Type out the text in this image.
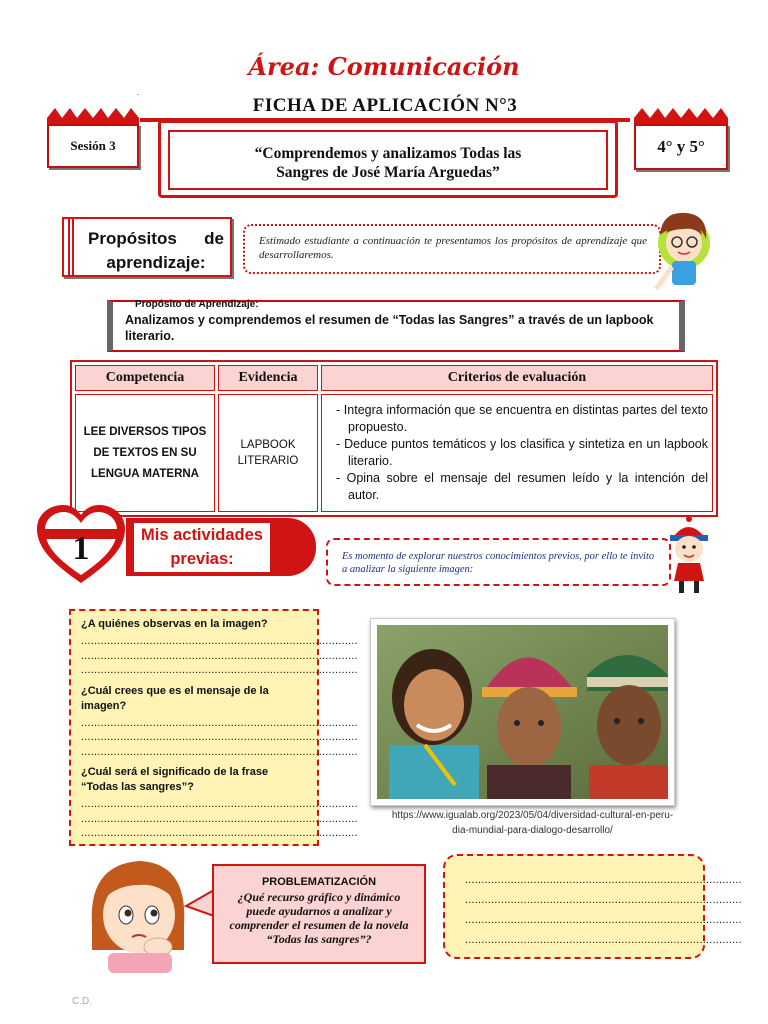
Área: Comunicación
.
FICHA DE APLICACIÓN N°3
Sesión 3	4° y 5°
“Comprendemos y analizamos Todas las
Sangres de José María Arguedas”
Propósitos de aprendizaje:
Estimado estudiante a continuación te presentamos los propósitos de aprendizaje que desarrollaremos.
Propósito de Aprendizaje:
Analizamos y comprendemos el resumen de “Todas las Sangres” a través de un lapbook literario.
Competencia	Evidencia	Criterios de evaluación
LEE DIVERSOS TIPOS DE TEXTOS EN SU LENGUA MATERNA	LAPBOOK LITERARIO	- Integra información que se encuentra en distintas partes del texto propuesto.
- Deduce puntos temáticos y los clasifica y sintetiza en un lapbook literario.
- Opina sobre el mensaje del resumen leído y la intención del autor.
1	Mis actividades previas:	Es momento de explorar nuestros conocimientos previos, por ello te invito a analizar la siguiente imagen:
¿A quiénes observas en la imagen?
.....................................................................................
.....................................................................................
.....................................................................................
¿Cuál crees que es el mensaje de la imagen?
.....................................................................................
.....................................................................................
.....................................................................................
¿Cuál será el significado de la frase “Todas las sangres”?
.....................................................................................
.....................................................................................
.....................................................................................
https://www.igualab.org/2023/05/04/diversidad-cultural-en-peru-dia-mundial-para-dialogo-desarrollo/
PROBLEMATIZACIÓN
¿Qué recurso gráfico y dinámico puede ayudarnos a analizar y comprender el resumen de la novela “Todas las sangres”?
.....................................................................................
.....................................................................................
.....................................................................................
.....................................................................................
C.D.
